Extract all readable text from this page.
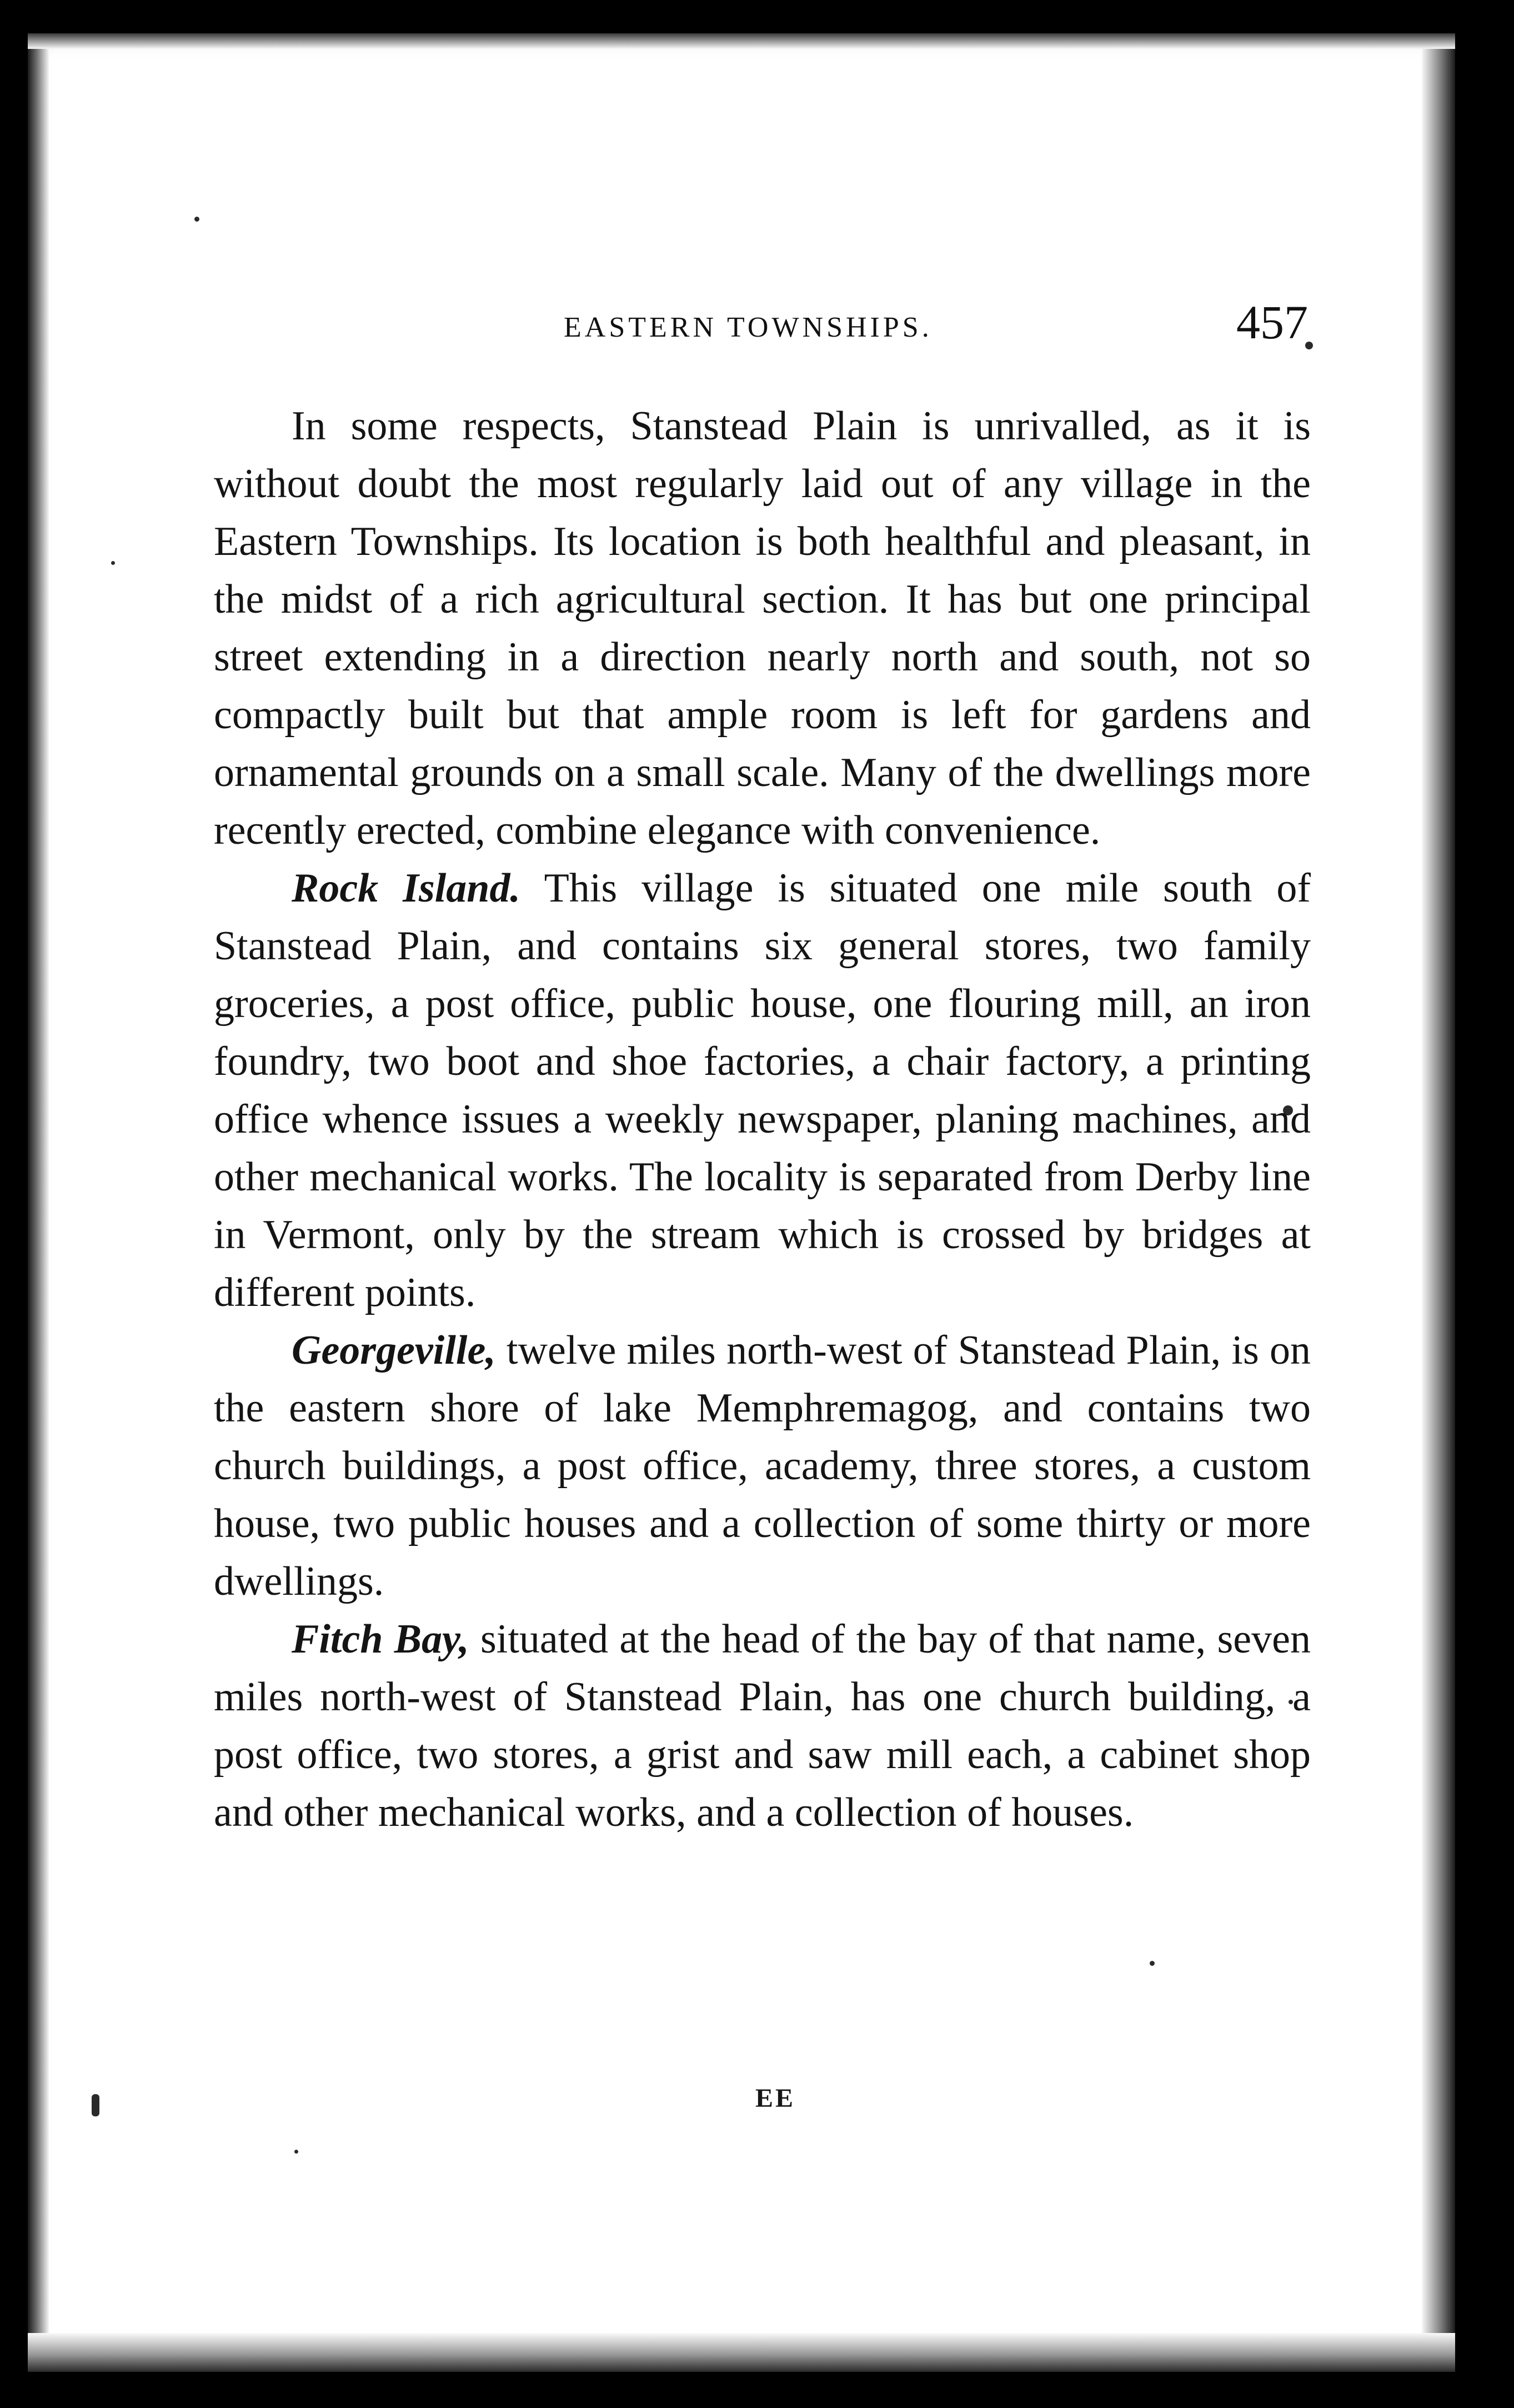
EASTERN TOWNSHIPS.	457

In some respects, Stanstead Plain is unrivalled, as it is without doubt the most regularly laid out of any village in the Eastern Townships. Its location is both healthful and pleasant, in the midst of a rich agricultural section. It has but one principal street extending in a direction nearly north and south, not so compactly built but that ample room is left for gardens and ornamental grounds on a small scale. Many of the dwellings more recently erected, combine elegance with convenience.

Rock Island. This village is situated one mile south of Stanstead Plain, and contains six general stores, two family groceries, a post office, public house, one flouring mill, an iron foundry, two boot and shoe factories, a chair factory, a printing office whence issues a weekly newspaper, planing machines, and other mechanical works. The locality is separated from Derby line in Vermont, only by the stream which is crossed by bridges at different points.

Georgeville, twelve miles north-west of Stanstead Plain, is on the eastern shore of lake Memphremagog, and contains two church buildings, a post office, academy, three stores, a custom house, two public houses and a collection of some thirty or more dwellings.

Fitch Bay, situated at the head of the bay of that name, seven miles north-west of Stanstead Plain, has one church building, a post office, two stores, a grist and saw mill each, a cabinet shop and other mechanical works, and a collection of houses.

EE
